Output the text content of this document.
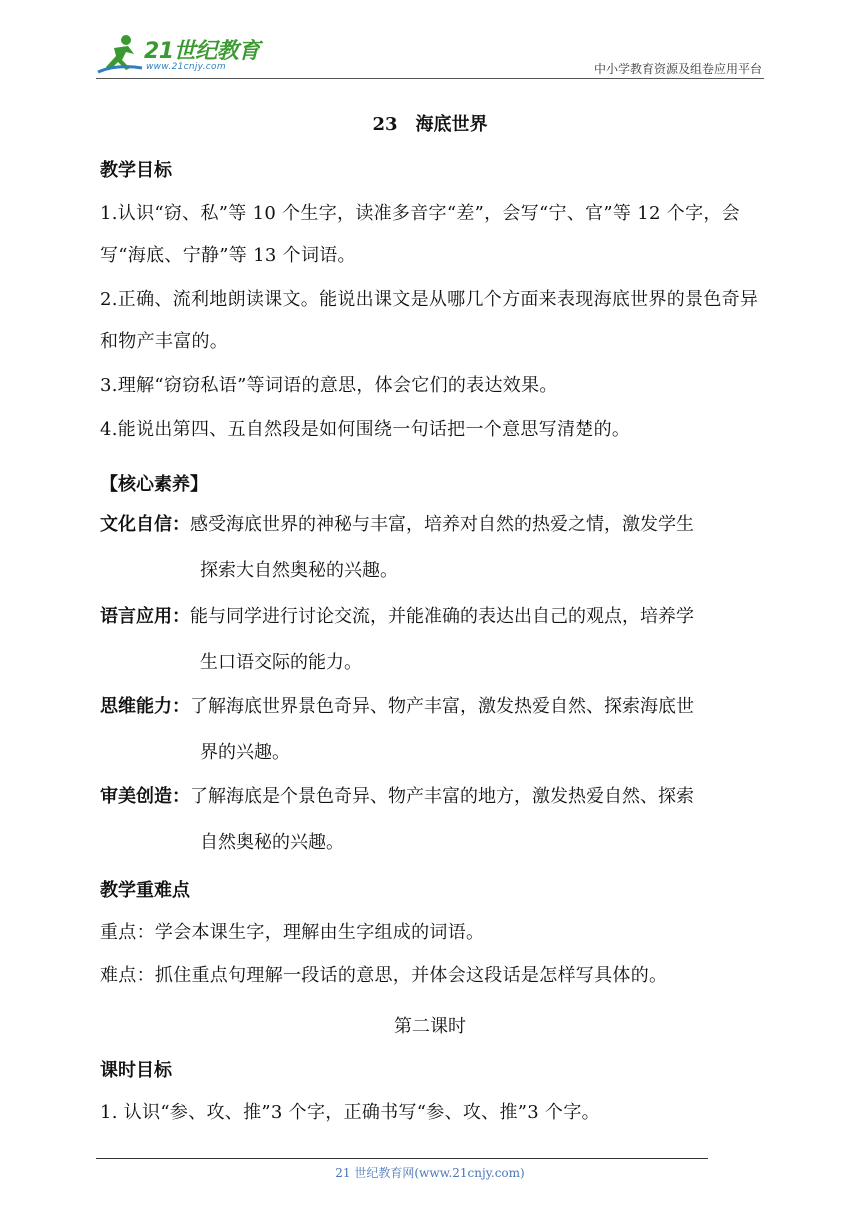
21世纪教育
www.21cnjy.com	中小学教育资源及组卷应用平台
23　海底世界
教学目标
1.认识“窃、私”等 10 个生字，读准多音字“差”，会写“宁、官”等 12 个字，会写“海底、宁静”等 13 个词语。
2.正确、流利地朗读课文。能说出课文是从哪几个方面来表现海底世界的景色奇异和物产丰富的。
3.理解“窃窃私语”等词语的意思，体会它们的表达效果。
4.能说出第四、五自然段是如何围绕一句话把一个意思写清楚的。
【核心素养】
文化自信：感受海底世界的神秘与丰富，培养对自然的热爱之情，激发学生
探索大自然奥秘的兴趣。
语言应用：能与同学进行讨论交流，并能准确的表达出自己的观点，培养学
生口语交际的能力。
思维能力：了解海底世界景色奇异、物产丰富，激发热爱自然、探索海底世
界的兴趣。
审美创造：了解海底是个景色奇异、物产丰富的地方，激发热爱自然、探索
自然奥秘的兴趣。
教学重难点
重点：学会本课生字，理解由生字组成的词语。
难点：抓住重点句理解一段话的意思，并体会这段话是怎样写具体的。
第二课时
课时目标
1. 认识“参、攻、推”3 个字，正确书写“参、攻、推”3 个字。
21 世纪教育网(www.21cnjy.com)
